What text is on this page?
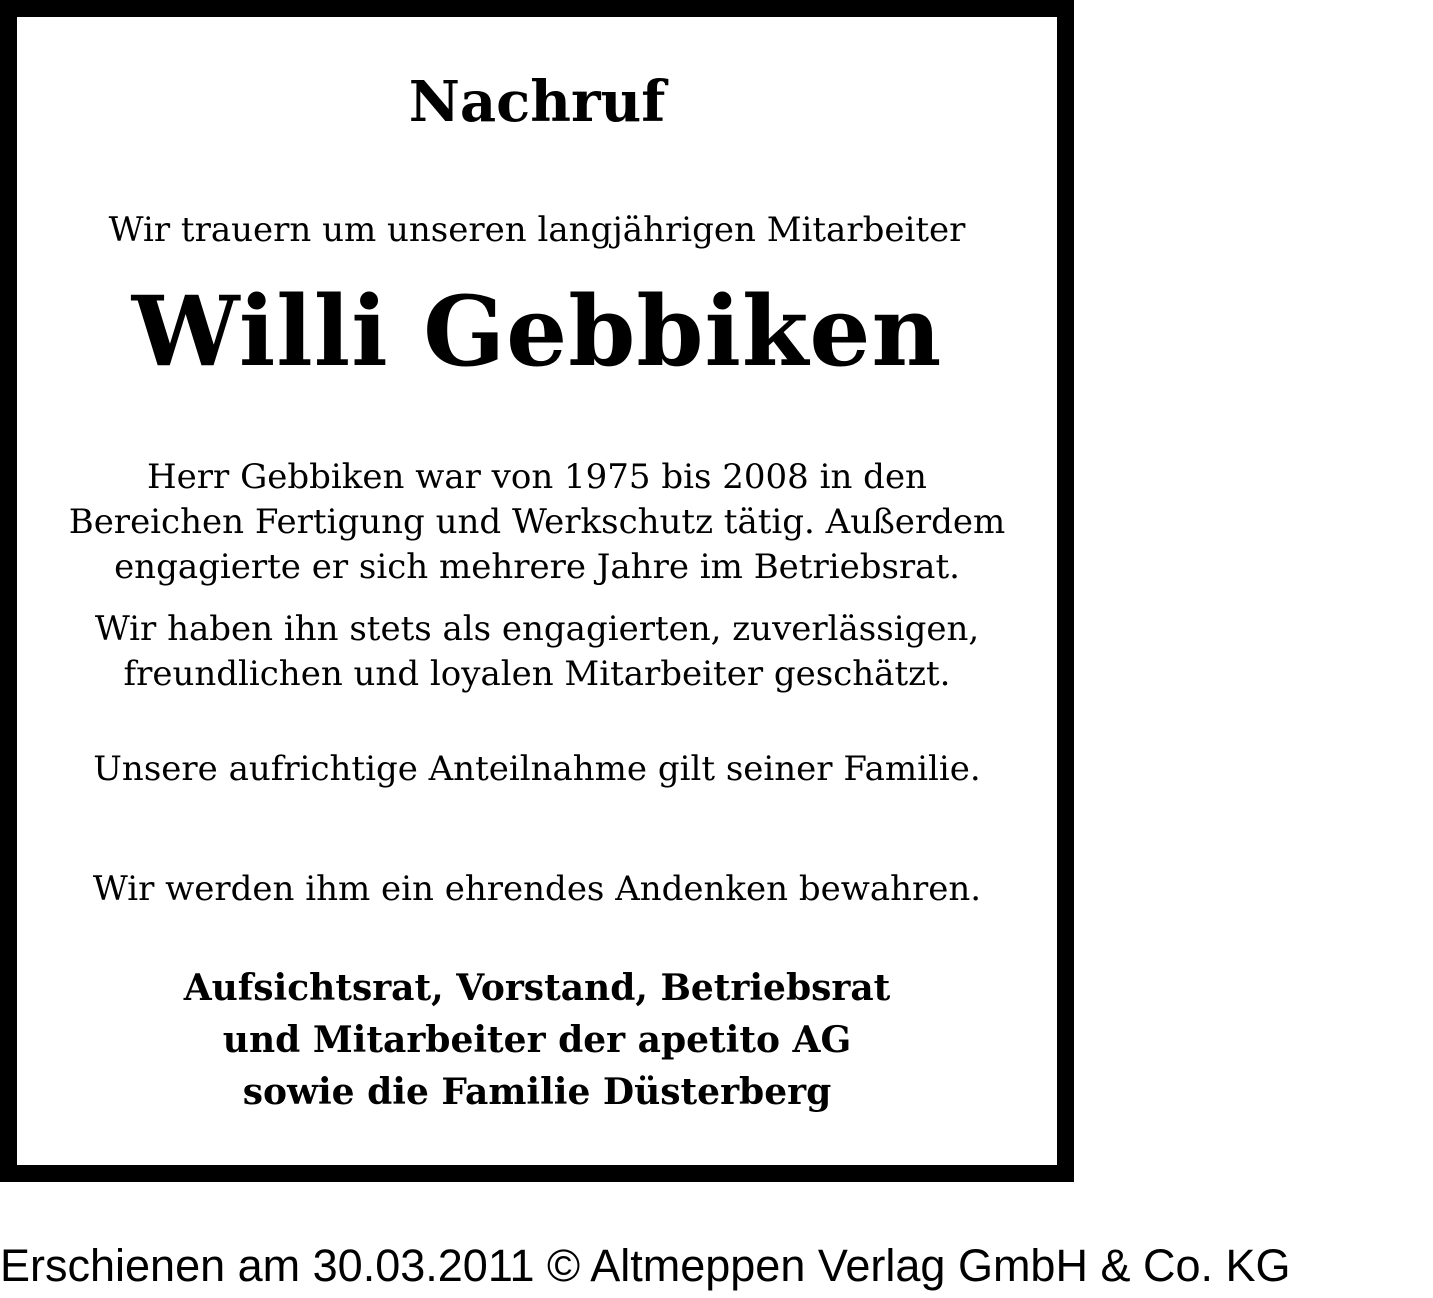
Nachruf

Wir trauern um unseren langjährigen Mitarbeiter

Willi Gebbiken

Herr Gebbiken war von 1975 bis 2008 in den
Bereichen Fertigung und Werkschutz tätig. Außerdem
engagierte er sich mehrere Jahre im Betriebsrat.

Wir haben ihn stets als engagierten, zuverlässigen,
freundlichen und loyalen Mitarbeiter geschätzt.

Unsere aufrichtige Anteilnahme gilt seiner Familie.

Wir werden ihm ein ehrendes Andenken bewahren.

Aufsichtsrat, Vorstand, Betriebsrat
und Mitarbeiter der apetito AG
sowie die Familie Düsterberg

Erschienen am 30.03.2011 © Altmeppen Verlag GmbH & Co. KG
